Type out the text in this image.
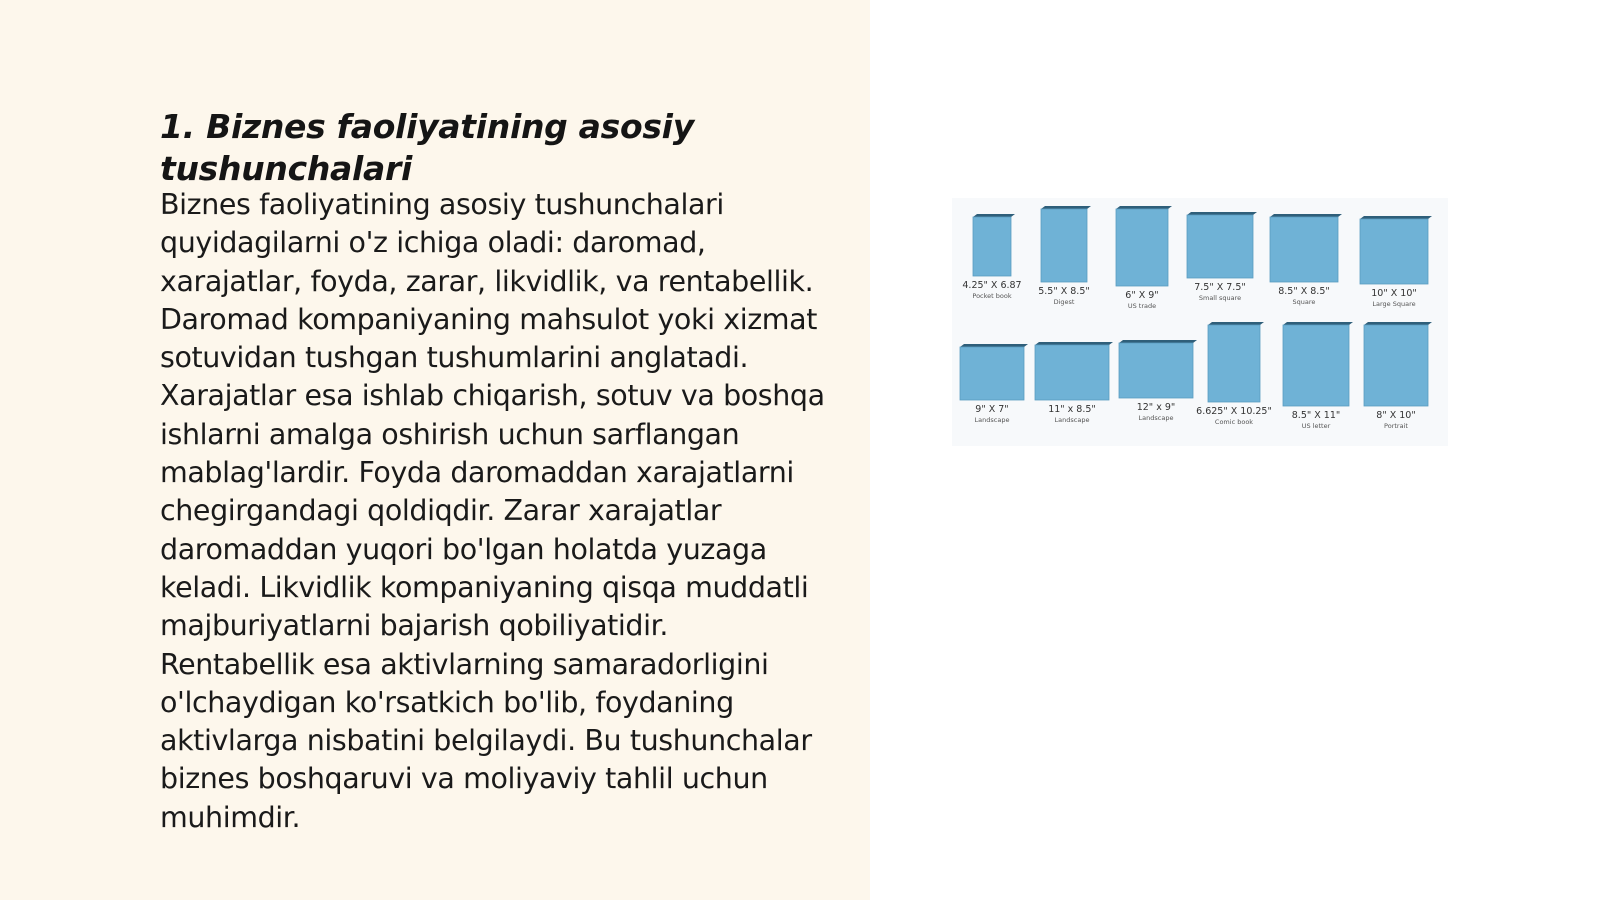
1. Biznes faoliyatining asosiy tushunchalari

Biznes faoliyatining asosiy tushunchalari quyidagilarni o'z ichiga oladi: daromad, xarajatlar, foyda, zarar, likvidlik, va rentabellik. Daromad kompaniyaning mahsulot yoki xizmat sotuvidan tushgan tushumlarini anglatadi. Xarajatlar esa ishlab chiqarish, sotuv va boshqa ishlarni amalga oshirish uchun sarflangan mablag'lardir. Foyda daromaddan xarajatlarni chegirgandagi qoldiqdir. Zarar xarajatlar daromaddan yuqori bo'lgan holatda yuzaga keladi. Likvidlik kompaniyaning qisqa muddatli majburiyatlarni bajarish qobiliyatidir. Rentabellik esa aktivlarning samaradorligini o'lchaydigan ko'rsatkich bo'lib, foydaning aktivlarga nisbatini belgilaydi. Bu tushunchalar biznes boshqaruvi va moliyaviy tahlil uchun muhimdir.

4.25" X 6.87
Pocket book	5.5" X 8.5"
Digest
6" X 9"
US trade
7.5" X 7.5"
Small square
8.5" X 8.5"
Square
10" X 10"
Large Square
9" X 7"
Landscape
11" x 8.5"
Landscape
12" x 9"
Landscape
6.625" X 10.25"
Comic book
8.5" X 11"
US letter
8" X 10"
Portrait
